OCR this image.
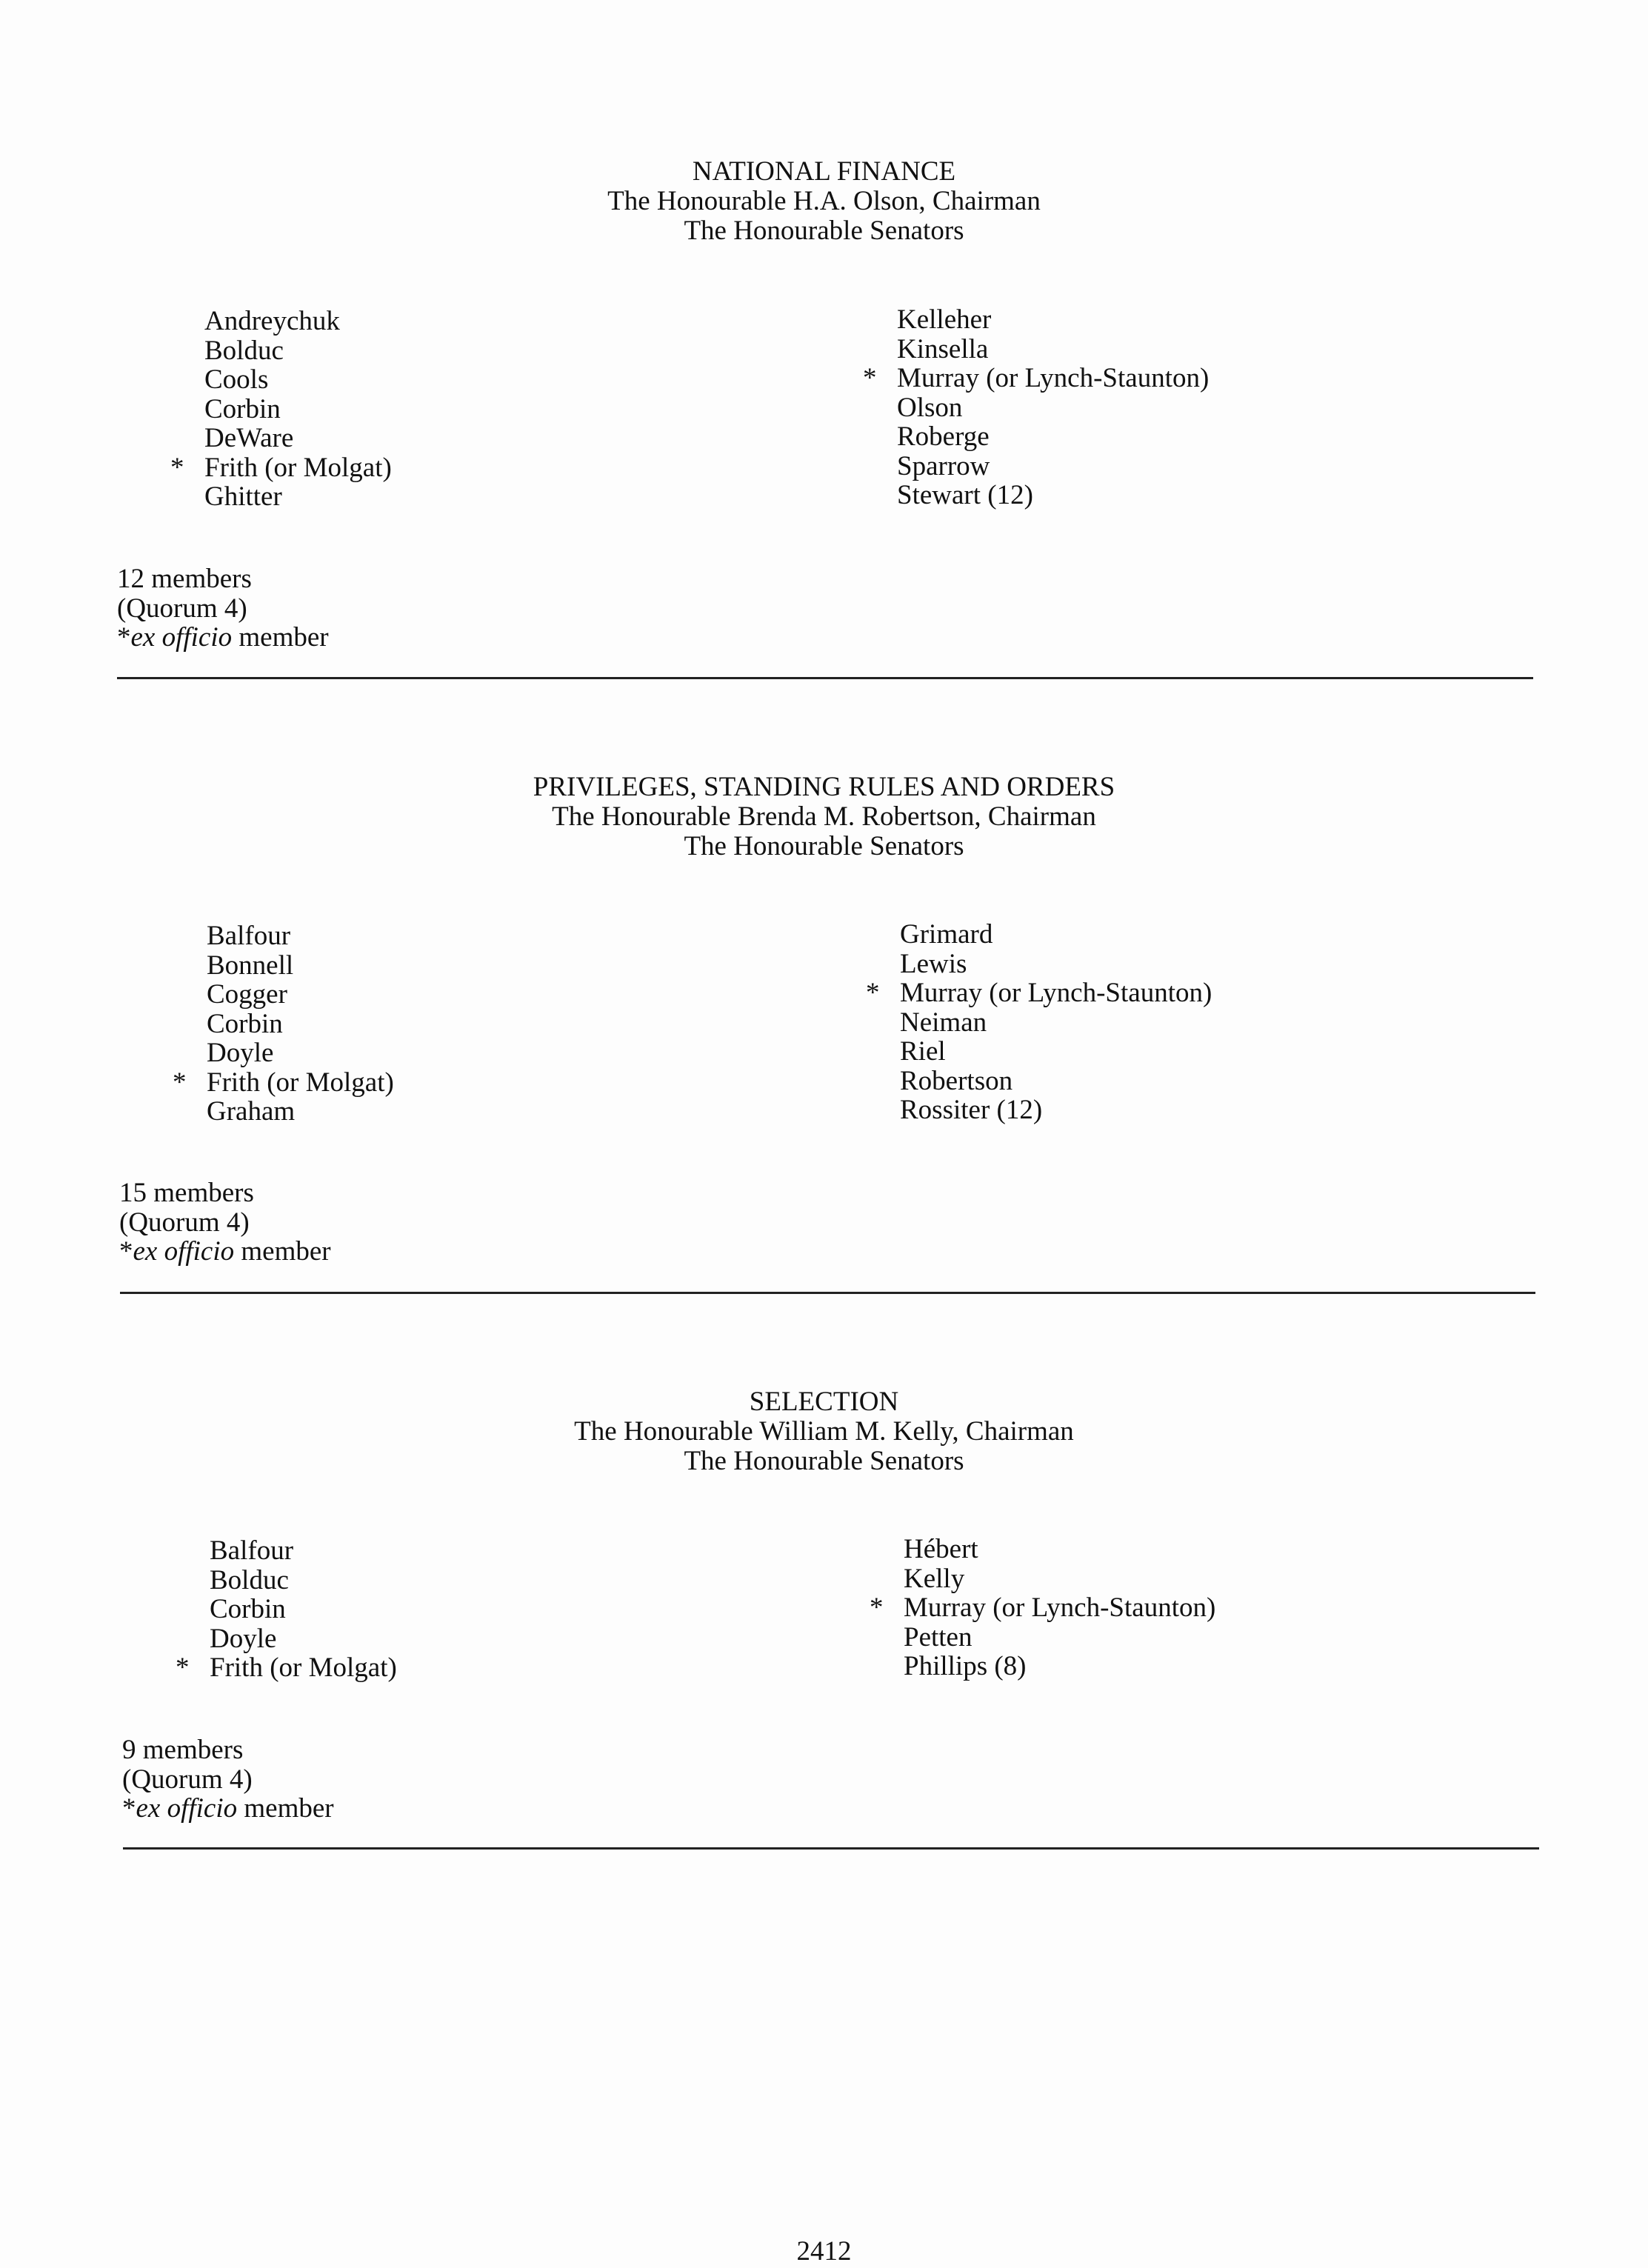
NATIONAL FINANCE
The Honourable H.A. Olson, Chairman
The Honourable Senators
Andreychuk
Bolduc
Cools
Corbin
DeWare
* Frith (or Molgat)
Ghitter
Kelleher
Kinsella
* Murray (or Lynch-Staunton)
Olson
Roberge
Sparrow
Stewart (12)
12 members
(Quorum 4)
*ex officio member
PRIVILEGES, STANDING RULES AND ORDERS
The Honourable Brenda M. Robertson, Chairman
The Honourable Senators
Balfour
Bonnell
Cogger
Corbin
Doyle
* Frith (or Molgat)
Graham
Grimard
Lewis
* Murray (or Lynch-Staunton)
Neiman
Riel
Robertson
Rossiter (12)
15 members
(Quorum 4)
*ex officio member
SELECTION
The Honourable William M. Kelly, Chairman
The Honourable Senators
Balfour
Bolduc
Corbin
Doyle
* Frith (or Molgat)
Hébert
Kelly
* Murray (or Lynch-Staunton)
Petten
Phillips (8)
9 members
(Quorum 4)
*ex officio member
2412
